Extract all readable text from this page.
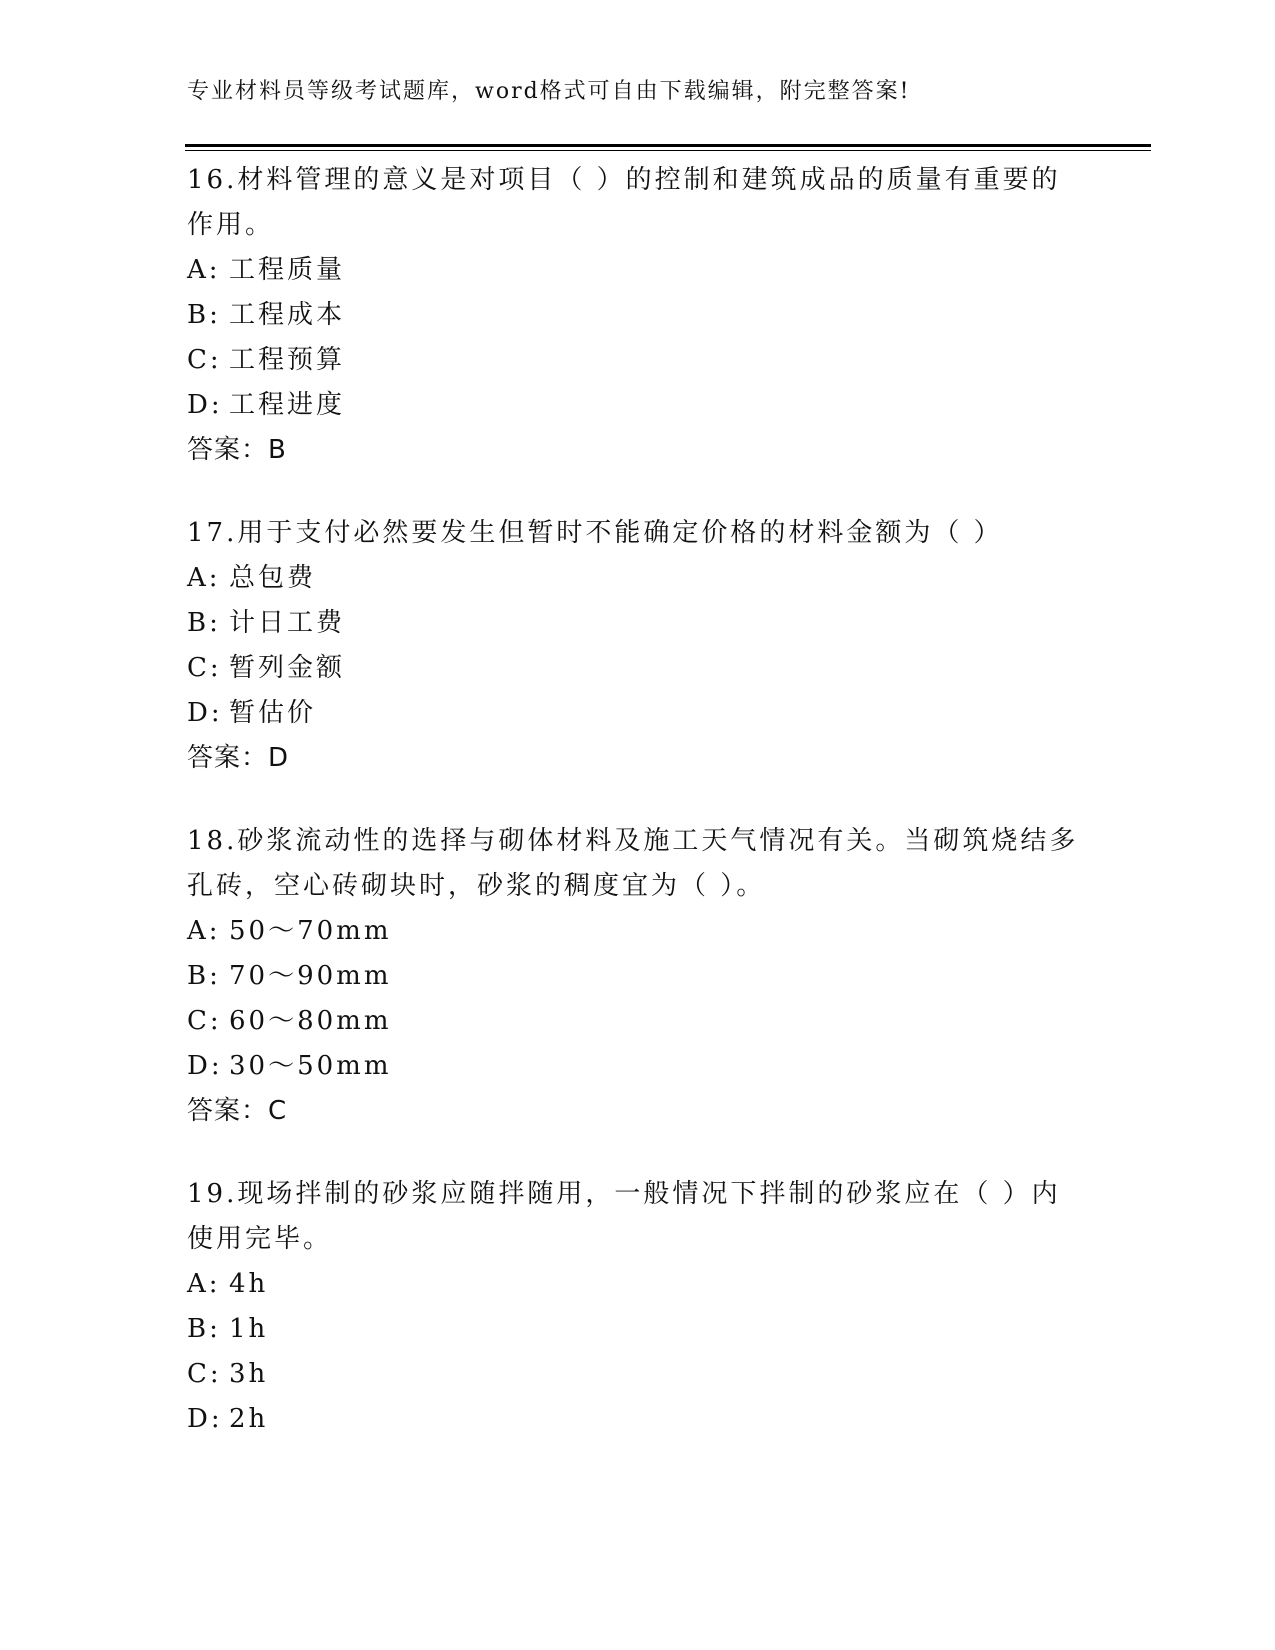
专业材料员等级考试题库，word格式可自由下载编辑，附完整答案!

16.材料管理的意义是对项目（ ）的控制和建筑成品的质量有重要的作用。

A: 工程质量

B: 工程成本

C: 工程预算

D: 工程进度

答案：B

17.用于支付必然要发生但暂时不能确定价格的材料金额为（ ）

A: 总包费

B: 计日工费

C: 暂列金额

D: 暂估价

答案：D

18.砂浆流动性的选择与砌体材料及施工天气情况有关。当砌筑烧结多孔砖，空心砖砌块时，砂浆的稠度宜为（ ）。

A: 50～70mm

B: 70～90mm

C: 60～80mm

D: 30～50mm

答案：C

19.现场拌制的砂浆应随拌随用，一般情况下拌制的砂浆应在（ ）内使用完毕。

A: 4h

B: 1h

C: 3h

D: 2h
